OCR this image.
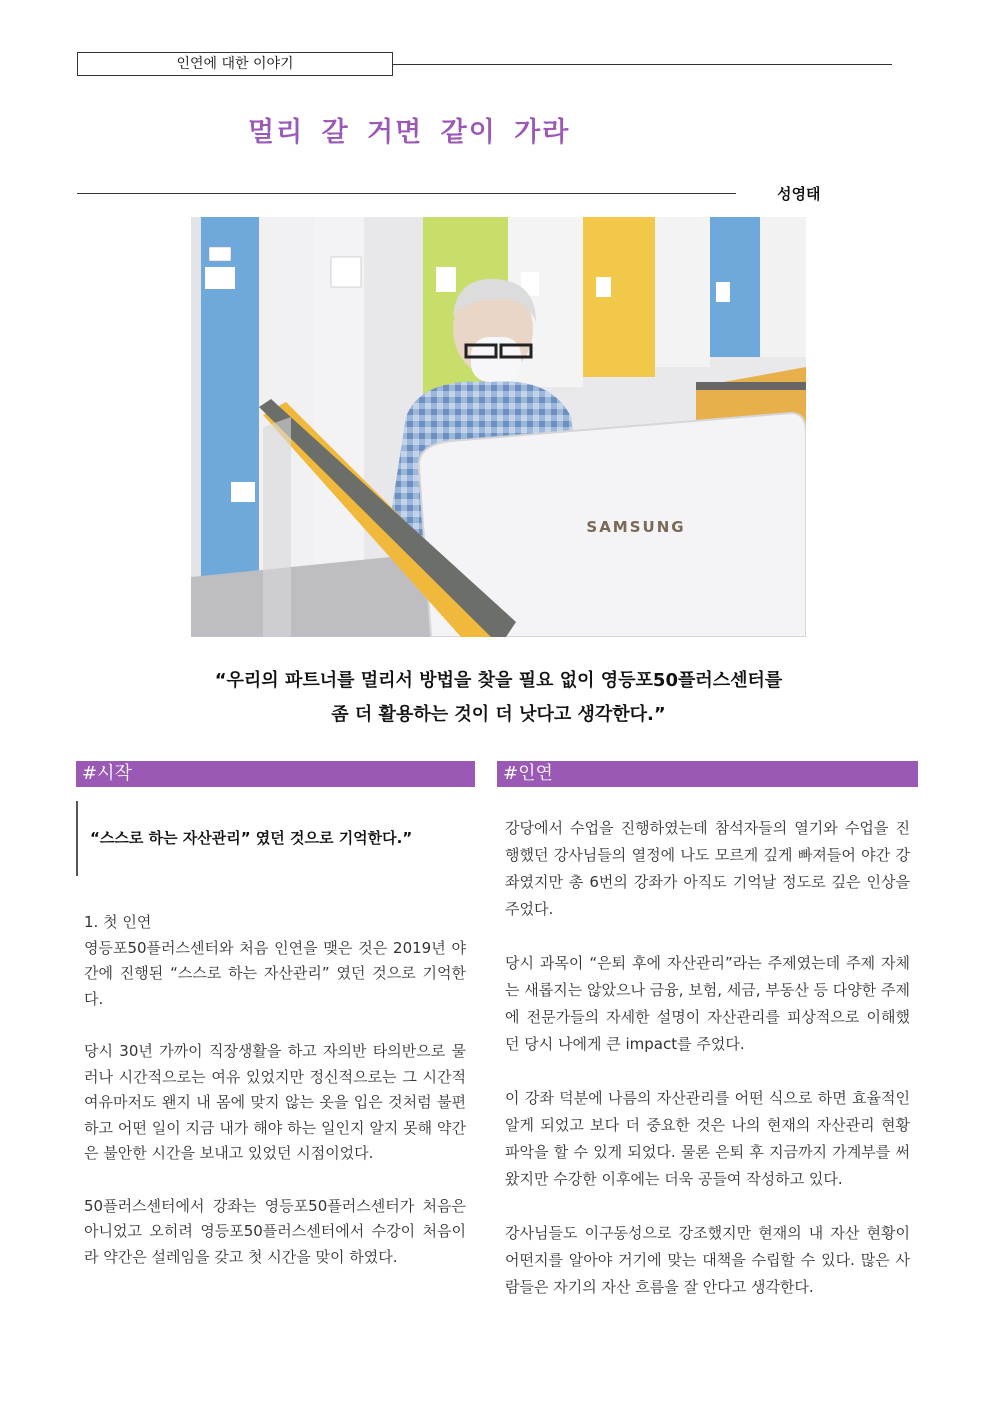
인연에 대한 이야기
멀리 갈 거면 같이 가라
성영태
SAMSUNG
“우리의 파트너를 멀리서 방법을 찾을 필요 없이 영등포50플러스센터를
좀 더 활용하는 것이 더 낫다고 생각한다.”
#시작	#인연
“스스로 하는 자산관리” 였던 것으로 기억한다.”

1. 첫 인연

영등포50플러스센터와 처음 인연을 맺은 것은 2019년 야간에 진행된 “스스로 하는 자산관리” 였던 것으로 기억한다.

당시 30년 가까이 직장생활을 하고 자의반 타의반으로 물러나 시간적으로는 여유 있었지만 정신적으로는 그 시간적 여유마저도 왠지 내 몸에 맞지 않는 옷을 입은 것처럼 불편하고 어떤 일이 지금 내가 해야 하는 일인지 알지 못해 약간은 불안한 시간을 보내고 있었던 시점이었다.

50플러스센터에서 강좌는 영등포50플러스센터가 처음은 아니었고 오히려 영등포50플러스센터에서 수강이 처음이라 약간은 설레임을 갖고 첫 시간을 맞이 하였다.

강당에서 수업을 진행하였는데 참석자들의 열기와 수업을 진행했던 강사님들의 열정에 나도 모르게 깊게 빠져들어 야간 강좌였지만 총 6번의 강좌가 아직도 기억날 정도로 깊은 인상을 주었다.

당시 과목이 “은퇴 후에 자산관리”라는 주제였는데 주제 자체는 새롭지는 않았으나 금융, 보험, 세금, 부동산 등 다양한 주제에 전문가들의 자세한 설명이 자산관리를 피상적으로 이해했던 당시 나에게 큰 impact를 주었다.

이 강좌 덕분에 나름의 자산관리를 어떤 식으로 하면 효율적인 알게 되었고 보다 더 중요한 것은 나의 현재의 자산관리 현황파악을 할 수 있게 되었다. 물론 은퇴 후 지금까지 가계부를 써왔지만 수강한 이후에는 더욱 공들여 작성하고 있다.

강사님들도 이구동성으로 강조했지만 현재의 내 자산 현황이 어떤지를 알아야 거기에 맞는 대책을 수립할 수 있다. 많은 사람들은 자기의 자산 흐름을 잘 안다고 생각한다.
